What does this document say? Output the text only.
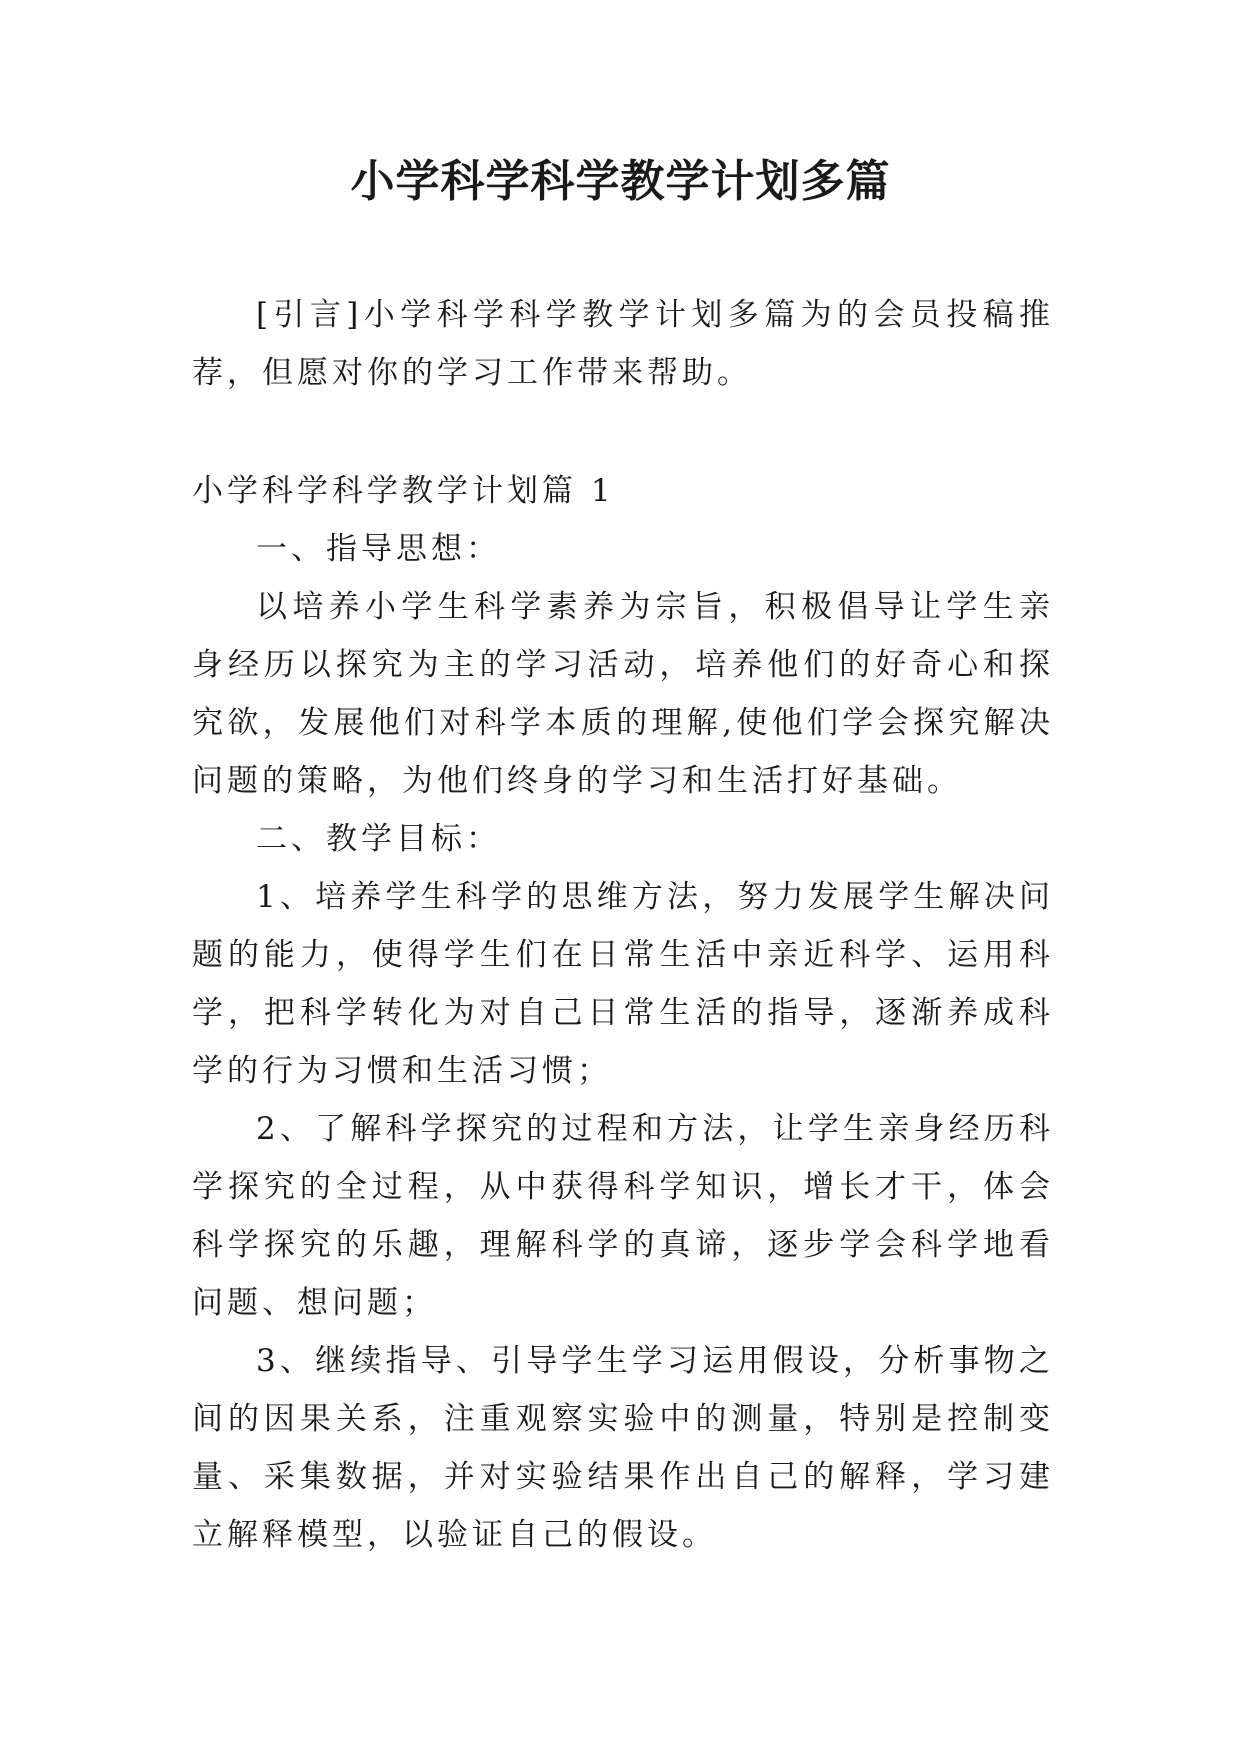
小学科学科学教学计划多篇

[引言]小学科学科学教学计划多篇为的会员投稿推荐，但愿对你的学习工作带来帮助。

小学科学科学教学计划篇 1

一、指导思想：

以培养小学生科学素养为宗旨，积极倡导让学生亲身经历以探究为主的学习活动，培养他们的好奇心和探究欲，发展他们对科学本质的理解,使他们学会探究解决问题的策略，为他们终身的学习和生活打好基础。

二、教学目标：

1、培养学生科学的思维方法，努力发展学生解决问题的能力，使得学生们在日常生活中亲近科学、运用科学，把科学转化为对自己日常生活的指导，逐渐养成科学的行为习惯和生活习惯；

2、了解科学探究的过程和方法，让学生亲身经历科学探究的全过程，从中获得科学知识，增长才干，体会科学探究的乐趣，理解科学的真谛，逐步学会科学地看问题、想问题；

3、继续指导、引导学生学习运用假设，分析事物之间的因果关系，注重观察实验中的测量，特别是控制变量、采集数据，并对实验结果作出自己的解释，学习建立解释模型，以验证自己的假设。
